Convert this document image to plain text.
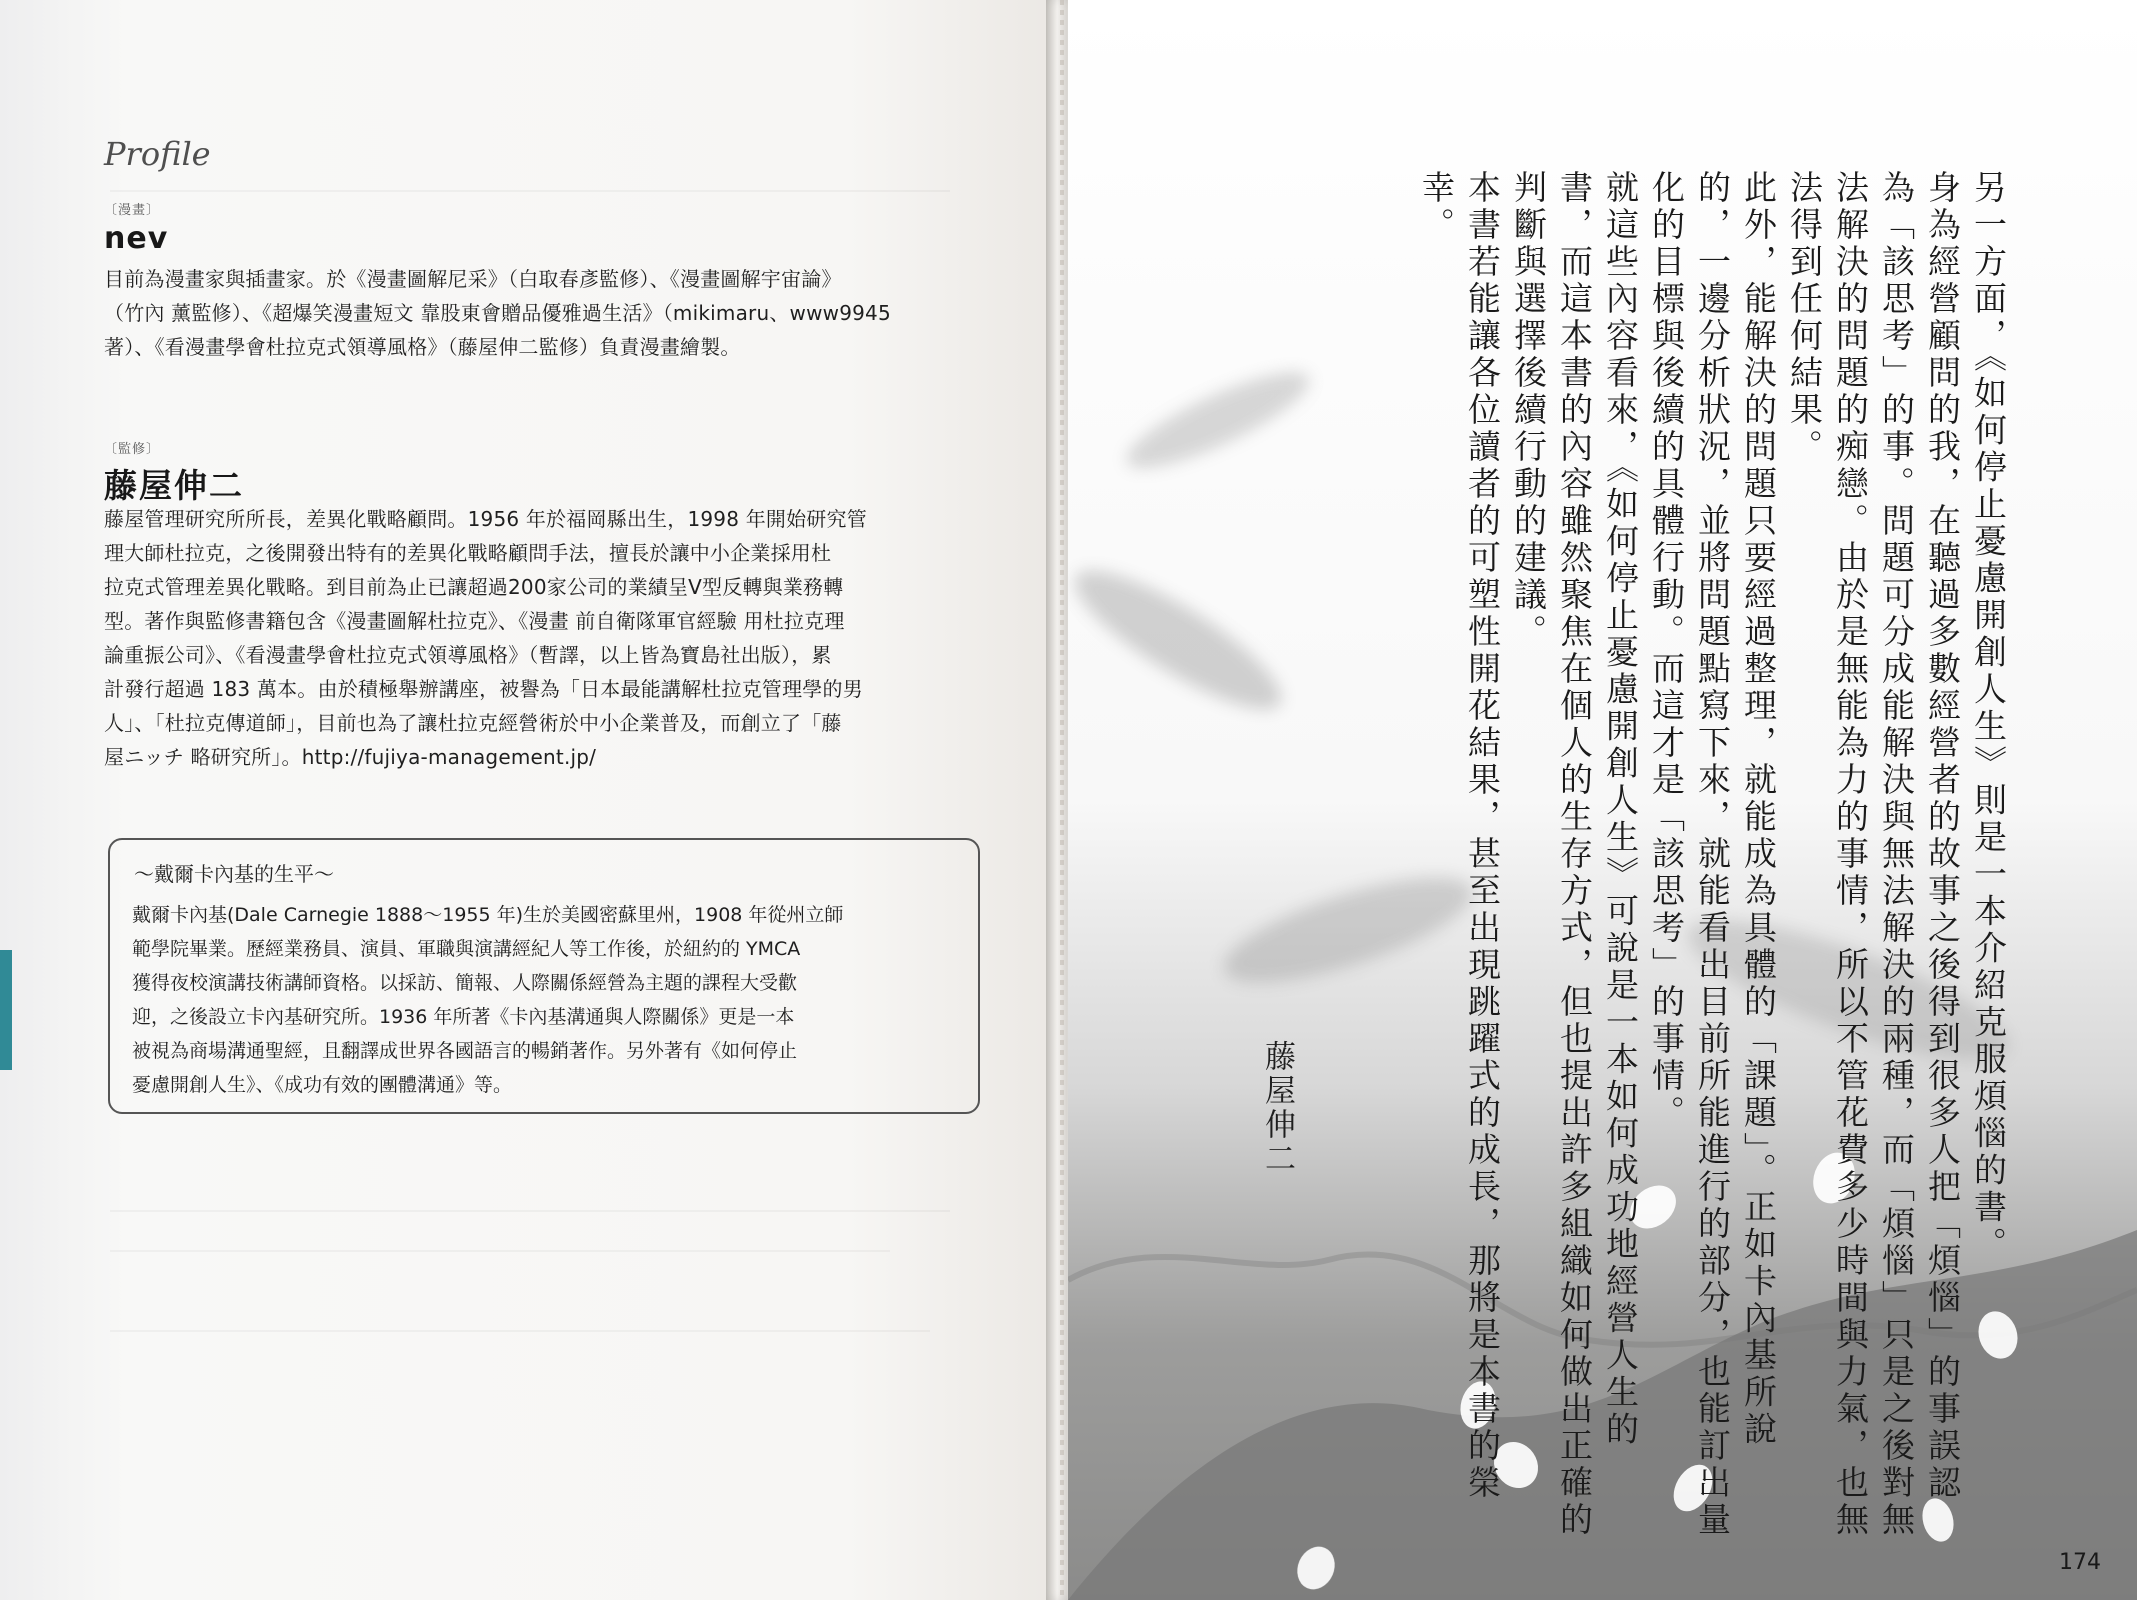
Profile
〔漫畫〕
nev

目前為漫畫家與插畫家。於《漫畫圖解尼采》（白取春彥監修）、《漫畫圖解宇宙論》
（竹內 薰監修）、《超爆笑漫畫短文 靠股東會贈品優雅過生活》（mikimaru、www9945
著）、《看漫畫學會杜拉克式領導風格》（藤屋伸二監修）負責漫畫繪製。

〔監修〕
藤屋伸二

藤屋管理研究所所長，差異化戰略顧問。1956 年於福岡縣出生，1998 年開始研究管
理大師杜拉克，之後開發出特有的差異化戰略顧問手法，擅長於讓中小企業採用杜
拉克式管理差異化戰略。到目前為止已讓超過200家公司的業績呈V型反轉與業務轉
型。著作與監修書籍包含《漫畫圖解杜拉克》、《漫畫 前自衛隊軍官經驗 用杜拉克理
論重振公司》、《看漫畫學會杜拉克式領導風格》（暫譯，以上皆為寶島社出版），累
計發行超過 183 萬本。由於積極舉辦講座，被譽為「日本最能講解杜拉克管理學的男
人」、「杜拉克傳道師」，目前也為了讓杜拉克經營術於中小企業普及，而創立了「藤
屋ニッチ 略研究所」。http://fujiya-management.jp/

～戴爾卡內基的生平～

戴爾卡內基(Dale Carnegie 1888～1955 年)生於美國密蘇里州，1908 年從州立師
範學院畢業。歷經業務員、演員、軍職與演講經紀人等工作後，於紐約的 YMCA
獲得夜校演講技術講師資格。以採訪、簡報、人際關係經營為主題的課程大受歡
迎，之後設立卡內基研究所。1936 年所著《卡內基溝通與人際關係》更是一本
被視為商場溝通聖經，且翻譯成世界各國語言的暢銷著作。另外著有《如何停止
憂慮開創人生》、《成功有效的團體溝通》等。

174
另一方面，《如何停止憂慮開創人生》則是一本介紹克服煩惱的書。
身為經營顧問的我，在聽過多數經營者的故事之後得到很多人把「煩惱」的事誤認
為「該思考」的事。問題可分成能解決與無法解決的兩種，而「煩惱」只是之後對無
法解決的問題的痴戀。由於是無能為力的事情，所以不管花費多少時間與力氣，也無
法得到任何結果。
此外，能解決的問題只要經過整理，就能成為具體的「課題」。正如卡內基所說
的，一邊分析狀況，並將問題點寫下來，就能看出目前所能進行的部分，也能訂出量
化的目標與後續的具體行動。而這才是「該思考」的事情。
就這些內容看來，《如何停止憂慮開創人生》可說是一本如何成功地經營人生的
書，而這本書的內容雖然聚焦在個人的生存方式，但也提出許多組織如何做出正確的
判斷與選擇後續行動的建議。
本書若能讓各位讀者的可塑性開花結果，甚至出現跳躍式的成長，那將是本書的榮
幸。
藤屋伸二
